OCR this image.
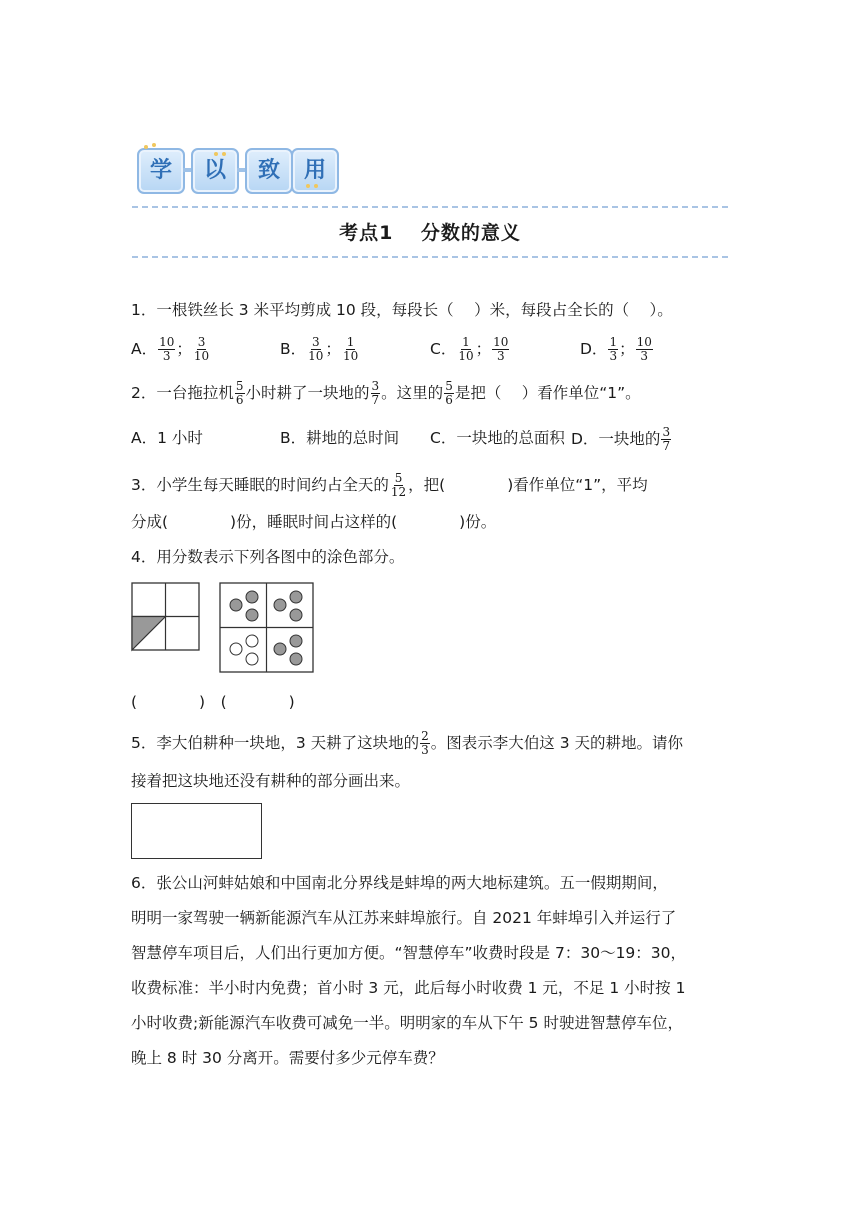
学	以	致	用
考点1　 分数的意义
1．一根铁丝长 3 米平均剪成 10 段，每段长（　 ）米，每段占全长的（　 ）。
A． $\frac{10}{3}$ ； $\frac{3}{10}$	B． $\frac{3}{10}$ ； $\frac{1}{10}$	C． $\frac{1}{10}$ ； $\frac{10}{3}$	D． $\frac{1}{3}$ ； $\frac{10}{3}$
2．一台拖拉机 $\frac{5}{6}$ 小时耕了一块地的 $\frac{3}{7}$ 。这里的 $\frac{5}{6}$ 是把（　 ）看作单位“1”。
A．1 小时	B．耕地的总时间 C．一块地的总面积 D．一块地的 $\frac{3}{7}$
3．小学生每天睡眠的时间约占全天的 $\frac{5}{12}$ ，把(　　　　)看作单位“1”，平均
分成(　　　　)份，睡眠时间占这样的(　　　　)份。
4．用分数表示下列各图中的涂色部分。
(　　　　)　(　　　　)
5．李大伯耕种一块地，3 天耕了这块地的 $\frac{2}{3}$ 。图表示李大伯这 3 天的耕地。请你
接着把这块地还没有耕种的部分画出来。
6．张公山河蚌姑娘和中国南北分界线是蚌埠的两大地标建筑。五一假期期间，
明明一家驾驶一辆新能源汽车从江苏来蚌埠旅行。自 2021 年蚌埠引入并运行了
智慧停车项目后，人们出行更加方便。“智慧停车”收费时段是 7：30～19：30，
收费标准：半小时内免费；首小时 3 元，此后每小时收费 1 元，不足 1 小时按 1
小时收费;新能源汽车收费可减免一半。明明家的车从下午 5 时驶进智慧停车位，
晚上 8 时 30 分离开。需要付多少元停车费？
